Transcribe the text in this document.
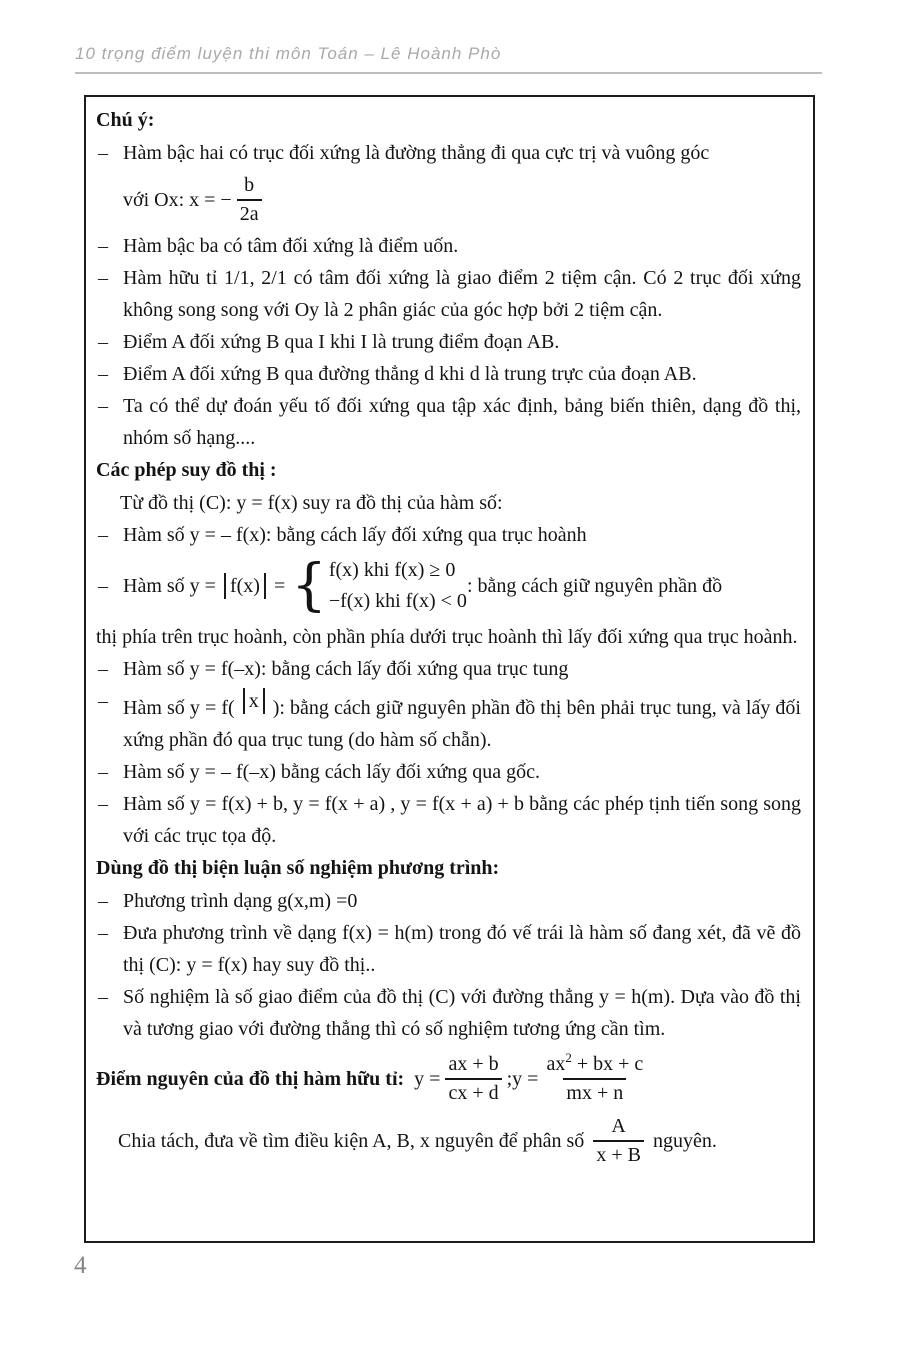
10 trọng điểm luyện thi môn Toán – Lê Hoành Phò
Chú ý:
– Hàm bậc hai có trục đối xứng là đường thẳng đi qua cực trị và vuông góc
với Ox: x = − $\frac{b}{2a}$
– Hàm bậc ba có tâm đối xứng là điểm uốn.
– Hàm hữu tỉ 1/1, 2/1 có tâm đối xứng là giao điểm 2 tiệm cận. Có 2 trục đối xứng không song song với Oy là 2 phân giác của góc hợp bởi 2 tiệm cận.
– Điểm A đối xứng B qua I khi I là trung điểm đoạn AB.
– Điểm A đối xứng B qua đường thẳng d khi d là trung trực của đoạn AB.
– Ta có thể dự đoán yếu tố đối xứng qua tập xác định, bảng biến thiên, dạng đồ thị, nhóm số hạng....
Các phép suy đồ thị :
Từ đồ thị (C): y = f(x) suy ra đồ thị của hàm số:
– Hàm số y = – f(x): bằng cách lấy đối xứng qua trục hoành
– Hàm số y = f(x) = { f(x) khi f(x) ≥ 0
−f(x) khi f(x) < 0
: bằng cách giữ nguyên phần đồ
thị phía trên trục hoành, còn phần phía dưới trục hoành thì lấy đối xứng qua trục hoành.
– Hàm số y = f(–x): bằng cách lấy đối xứng qua trục tung
– Hàm số y = f( x ): bằng cách giữ nguyên phần đồ thị bên phải trục tung, và lấy đối xứng phần đó qua trục tung (do hàm số chẵn).
– Hàm số y = – f(–x) bằng cách lấy đối xứng qua gốc.
– Hàm số y = f(x) + b, y = f(x + a) , y = f(x + a) + b bằng các phép tịnh tiến song song với các trục tọa độ.
Dùng đồ thị biện luận số nghiệm phương trình:
– Phương trình dạng g(x,m) =0
– Đưa phương trình về dạng f(x) = h(m) trong đó vế trái là hàm số đang xét, đã vẽ đồ thị (C): y = f(x) hay suy đồ thị..
– Số nghiệm là số giao điểm của đồ thị (C) với đường thẳng y = h(m). Dựa vào đồ thị và tương giao với đường thẳng thì có số nghiệm tương ứng cần tìm.
Điểm nguyên của đồ thị hàm hữu tỉ: $y = \frac{ax + b}{cx + d}$ ; $y = \frac{ax^2 + bx + c}{mx + n}$
Chia tách, đưa về tìm điều kiện A, B, x nguyên để phân số $\frac{A}{x + B}$ nguyên.
4
